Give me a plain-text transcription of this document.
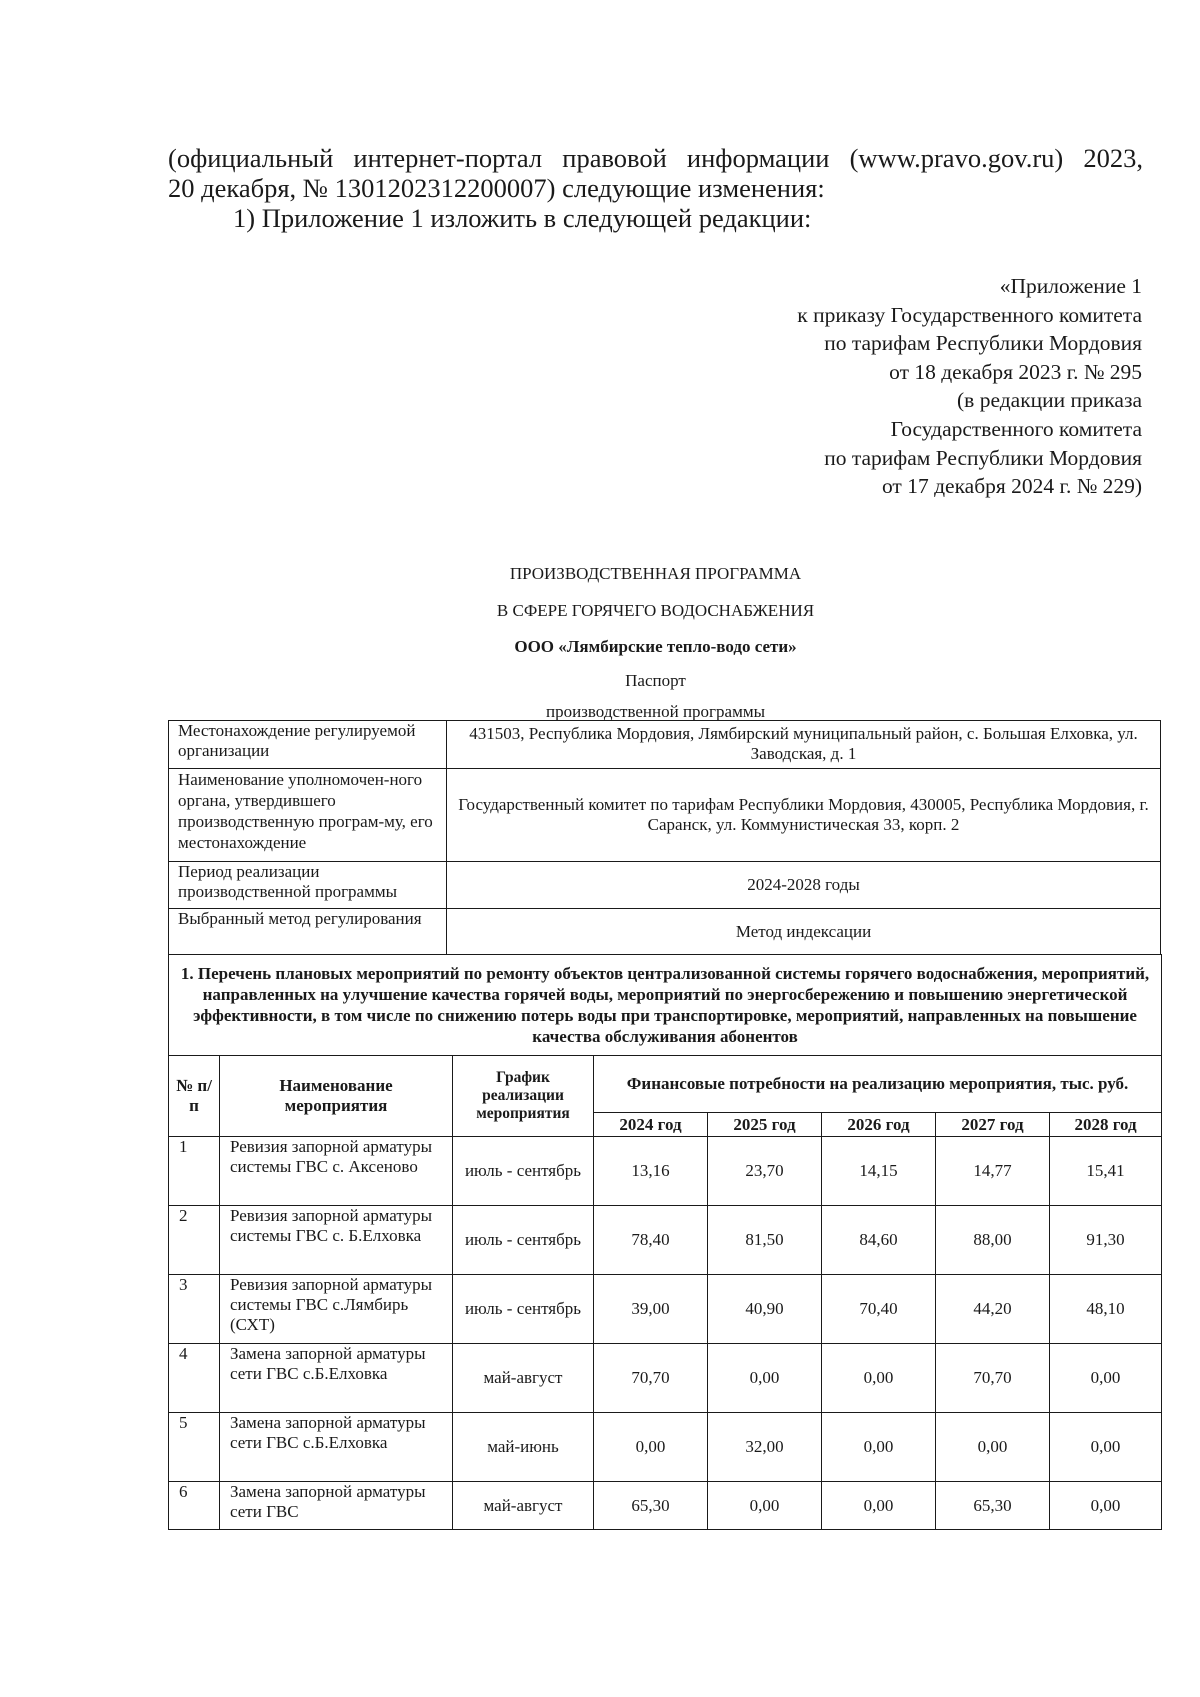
(официальный интернет-портал правовой информации (www.pravo.gov.ru) 2023,
20 декабря, № 1301202312200007) следующие изменения:
1) Приложение 1 изложить в следующей редакции:
«Приложение 1
к приказу Государственного комитета
по тарифам Республики Мордовия
от 18 декабря 2023 г. № 295
(в редакции приказа
Государственного комитета
по тарифам Республики Мордовия
от 17 декабря 2024 г. № 229)
ПРОИЗВОДСТВЕННАЯ ПРОГРАММА
В СФЕРЕ ГОРЯЧЕГО ВОДОСНАБЖЕНИЯ
ООО «Лямбирские тепло-водо сети»
Паспорт
производственной программы
Местонахождение регулируемой организации	431503, Республика Мордовия, Лямбирский муниципальный район, с. Большая Елховка, ул. Заводская, д. 1
Наименование уполномочен-ного органа, утвердившего производственную програм-му, его местонахождение	Государственный комитет по тарифам Республики Мордовия, 430005, Республика Мордовия, г. Саранск, ул. Коммунистическая 33, корп. 2
Период реализации производственной программы	2024-2028 годы
Выбранный метод регулирования	Метод индексации
1. Перечень плановых мероприятий по ремонту объектов централизованной системы горячего водоснабжения, мероприятий, направленных на улучшение качества горячей воды, мероприятий по энергосбережению и повышению энергетической эффективности, в том числе по снижению потерь воды при транспортировке, мероприятий, направленных на повышение качества обслуживания абонентов							
№ п/п	Наименование мероприятия	График реализации мероприятия	Финансовые потребности на реализацию мероприятия, тыс. руб.				
			2024 год	2025 год	2026 год	2027 год	2028 год
1	Ревизия запорной арматуры системы ГВС с. Аксеново	июль - сентябрь	13,16	23,70	14,15	14,77	15,41
2	Ревизия запорной арматуры системы ГВС с. Б.Елховка	июль - сентябрь	78,40	81,50	84,60	88,00	91,30
3	Ревизия запорной арматуры системы ГВС с.Лямбирь (СХТ)	июль - сентябрь	39,00	40,90	70,40	44,20	48,10
4	Замена запорной арматуры сети ГВС с.Б.Елховка	май-август	70,70	0,00	0,00	70,70	0,00
5	Замена запорной арматуры сети ГВС с.Б.Елховка	май-июнь	0,00	32,00	0,00	0,00	0,00
6	Замена запорной арматуры сети ГВС	май-август	65,30	0,00	0,00	65,30	0,00
